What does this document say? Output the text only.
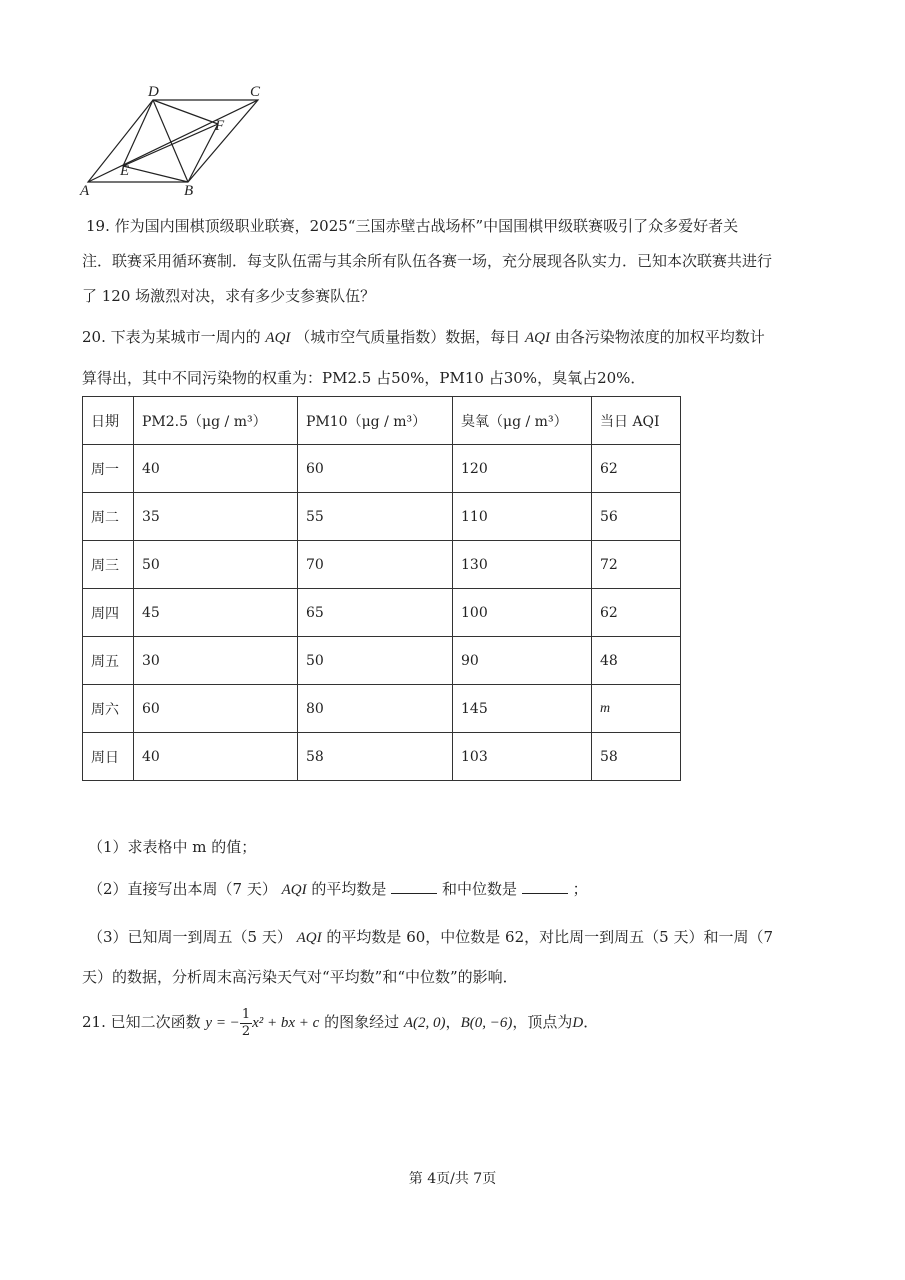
A	B
C
D
E
F
19. 作为国内围棋顶级职业联赛，2025“三国赤壁古战场杯”中国围棋甲级联赛吸引了众多爱好者关
注．联赛采用循环赛制．每支队伍需与其余所有队伍各赛一场，充分展现各队实力．已知本次联赛共进行
了 120 场激烈对决，求有多少支参赛队伍？
20. 下表为某城市一周内的 AQI （城市空气质量指数）数据，每日 AQI 由各污染物浓度的加权平均数计
算得出，其中不同污染物的权重为：PM2.5 占50%，PM10 占30%，臭氧占20%．
日期	PM2.5（μg / m³）	PM10（μg / m³）	臭氧（μg / m³）	当日 AQI
周一	40	60	120	62
周二	35	55	110	56
周三	50	70	130	72
周四	45	65	100	62
周五	30	50	90	48
周六	60	80	145	m
周日	40	58	103	58
（1）求表格中 m 的值；
（2）直接写出本周（7 天） AQI 的平均数是	和中位数是	；
（3）已知周一到周五（5 天） AQI 的平均数是 60，中位数是 62，对比周一到周五（5 天）和一周（7
天）的数据，分析周末高污染天气对“平均数”和“中位数”的影响．
21. 已知二次函数 y = − $\frac{1}{2} x^2$ + bx + c 的图象经过 A(2, 0)，B(0, −6)，顶点为D．
第 4页/共 7页
